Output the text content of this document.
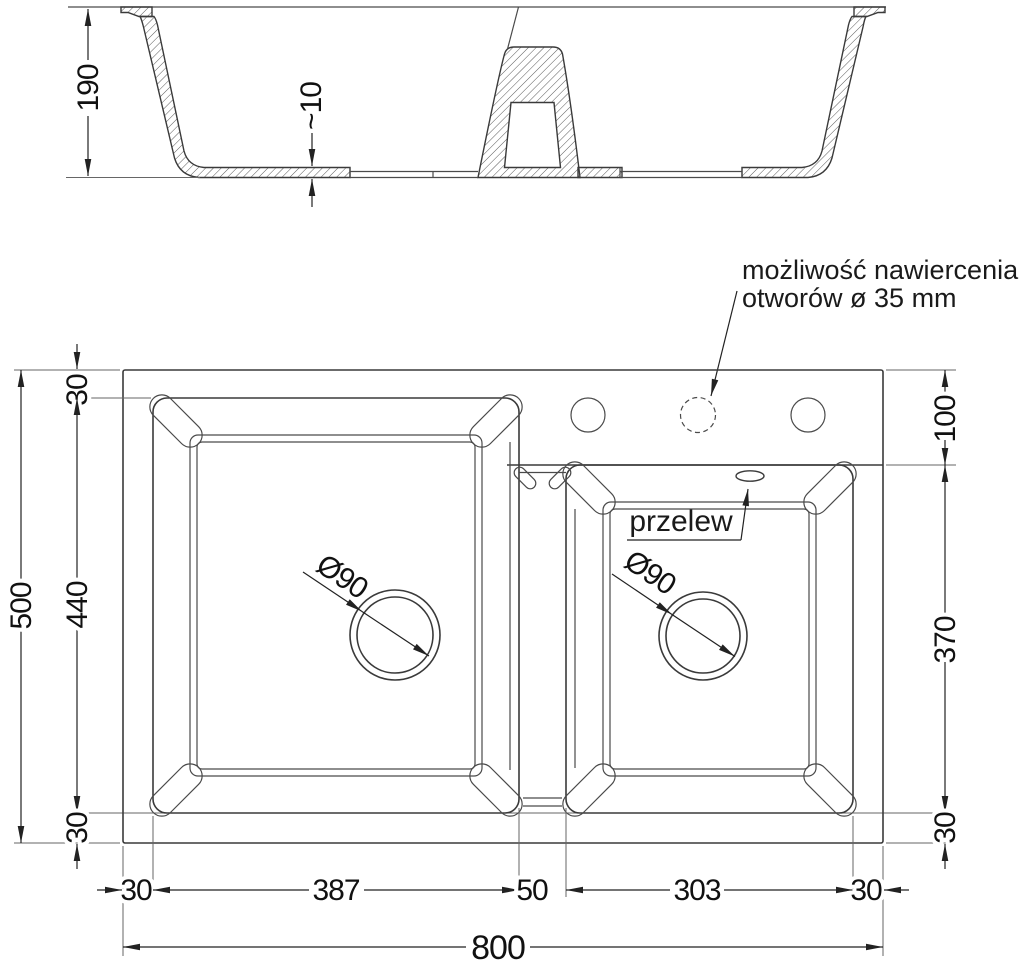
190	~10
możliwość nawiercenia
otworów ø 35 mm
przelew
Ø90	Ø90
500
30
440
30
100
370
30
30	387	50	303	30
800
